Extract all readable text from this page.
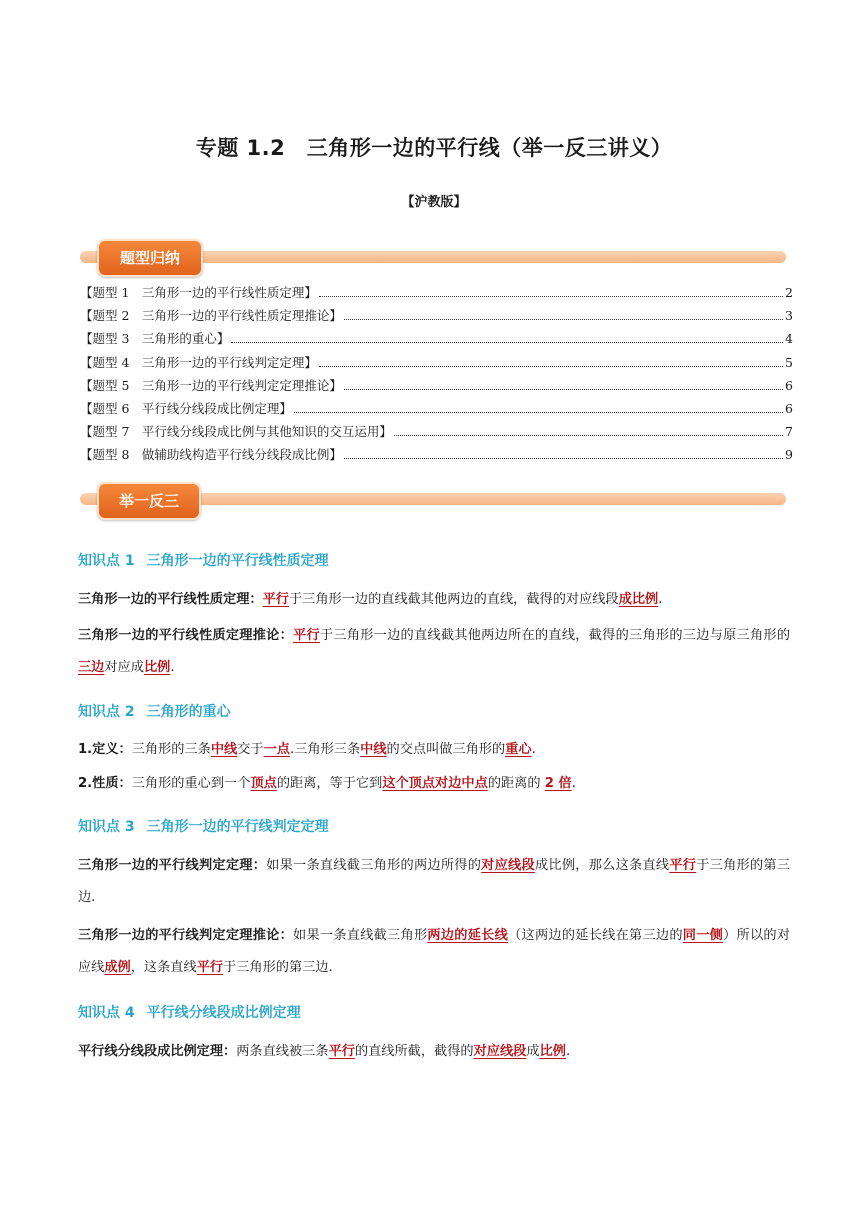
专题 1.2　三角形一边的平行线（举一反三讲义）
【沪教版】
题型归纳
【题型 1　三角形一边的平行线性质定理】	2
【题型 2　三角形一边的平行线性质定理推论】	3
【题型 3　三角形的重心】	4
【题型 4　三角形一边的平行线判定定理】	5
【题型 5　三角形一边的平行线判定定理推论】	6
【题型 6　平行线分线段成比例定理】	6
【题型 7　平行线分线段成比例与其他知识的交互运用】	7
【题型 8　做辅助线构造平行线分线段成比例】	9
举一反三
知识点 1 三角形一边的平行线性质定理
三角形一边的平行线性质定理：平行于三角形一边的直线截其他两边的直线，截得的对应线段成比例.
三角形一边的平行线性质定理推论：平行于三角形一边的直线截其他两边所在的直线，截得的三角形的三边与原三角形的三边对应成比例.
知识点 2 三角形的重心
1.定义：三角形的三条中线交于一点.三角形三条中线的交点叫做三角形的重心.
2.性质：三角形的重心到一个顶点的距离，等于它到这个顶点对边中点的距离的 2 倍.
知识点 3 三角形一边的平行线判定定理
三角形一边的平行线判定定理：如果一条直线截三角形的两边所得的对应线段成比例，那么这条直线平行于三角形的第三边.
三角形一边的平行线判定定理推论：如果一条直线截三角形两边的延长线（这两边的延长线在第三边的同一侧）所以的对应线成例，这条直线平行于三角形的第三边.
知识点 4 平行线分线段成比例定理
平行线分线段成比例定理：两条直线被三条平行的直线所截，截得的对应线段成比例.
